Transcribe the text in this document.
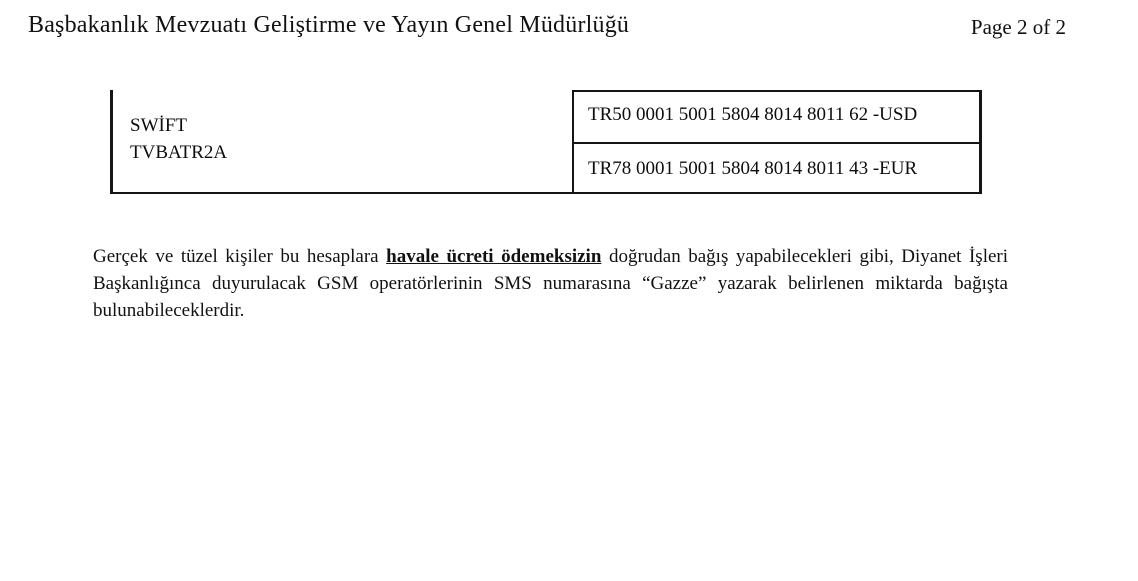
Başbakanlık Mevzuatı Geliştirme ve Yayın Genel Müdürlüğü	Page 2 of 2
SWİFT
TVBATR2A
TR50 0001 5001 5804 8014 8011 62 -USD
TR78 0001 5001 5804 8014 8011 43 -EUR

Gerçek ve tüzel kişiler bu hesaplara havale ücreti ödemeksizin doğrudan bağış yapabilecekleri gibi, Diyanet İşleri Başkanlığınca duyurulacak GSM operatörlerinin SMS numarasına “Gazze” yazarak belirlenen miktarda bağışta bulunabileceklerdir.
